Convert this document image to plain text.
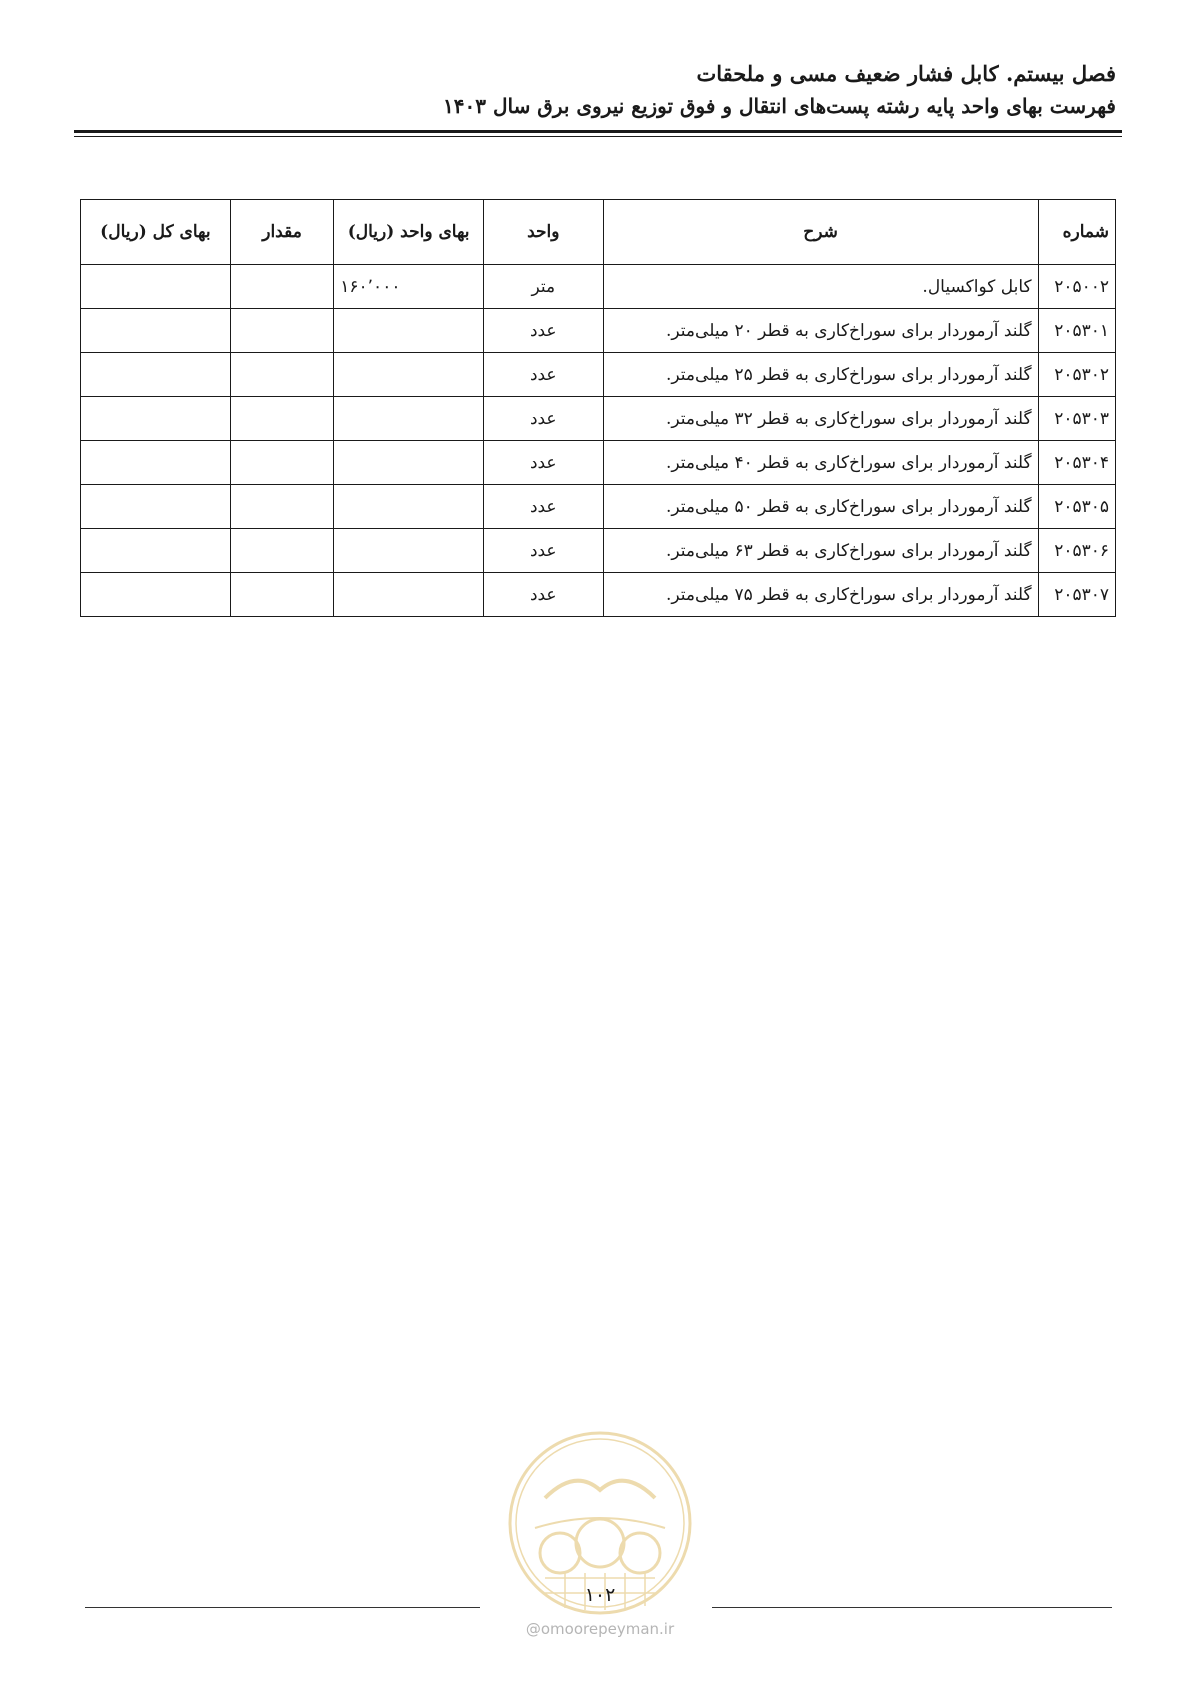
فصل بیستم. کابل فشار ضعیف مسی و ملحقات
فهرست بهای واحد پایه رشته پست‌های انتقال و فوق توزیع نیروی برق سال ۱۴۰۳
شماره	شرح	واحد	بهای واحد (ریال)	مقدار	بهای کل (ریال)
۲۰۵۰۰۲	کابل کواکسیال.	متر	۱۶۰٬۰۰۰		
۲۰۵۳۰۱	گلند آرموردار برای سوراخ‌کاری به قطر ۲۰ میلی‌متر.	عدد			
۲۰۵۳۰۲	گلند آرموردار برای سوراخ‌کاری به قطر ۲۵ میلی‌متر.	عدد			
۲۰۵۳۰۳	گلند آرموردار برای سوراخ‌کاری به قطر ۳۲ میلی‌متر.	عدد			
۲۰۵۳۰۴	گلند آرموردار برای سوراخ‌کاری به قطر ۴۰ میلی‌متر.	عدد			
۲۰۵۳۰۵	گلند آرموردار برای سوراخ‌کاری به قطر ۵۰ میلی‌متر.	عدد			
۲۰۵۳۰۶	گلند آرموردار برای سوراخ‌کاری به قطر ۶۳ میلی‌متر.	عدد			
۲۰۵۳۰۷	گلند آرموردار برای سوراخ‌کاری به قطر ۷۵ میلی‌متر.	عدد			
۱۰۲
@omoorepeyman.ir
